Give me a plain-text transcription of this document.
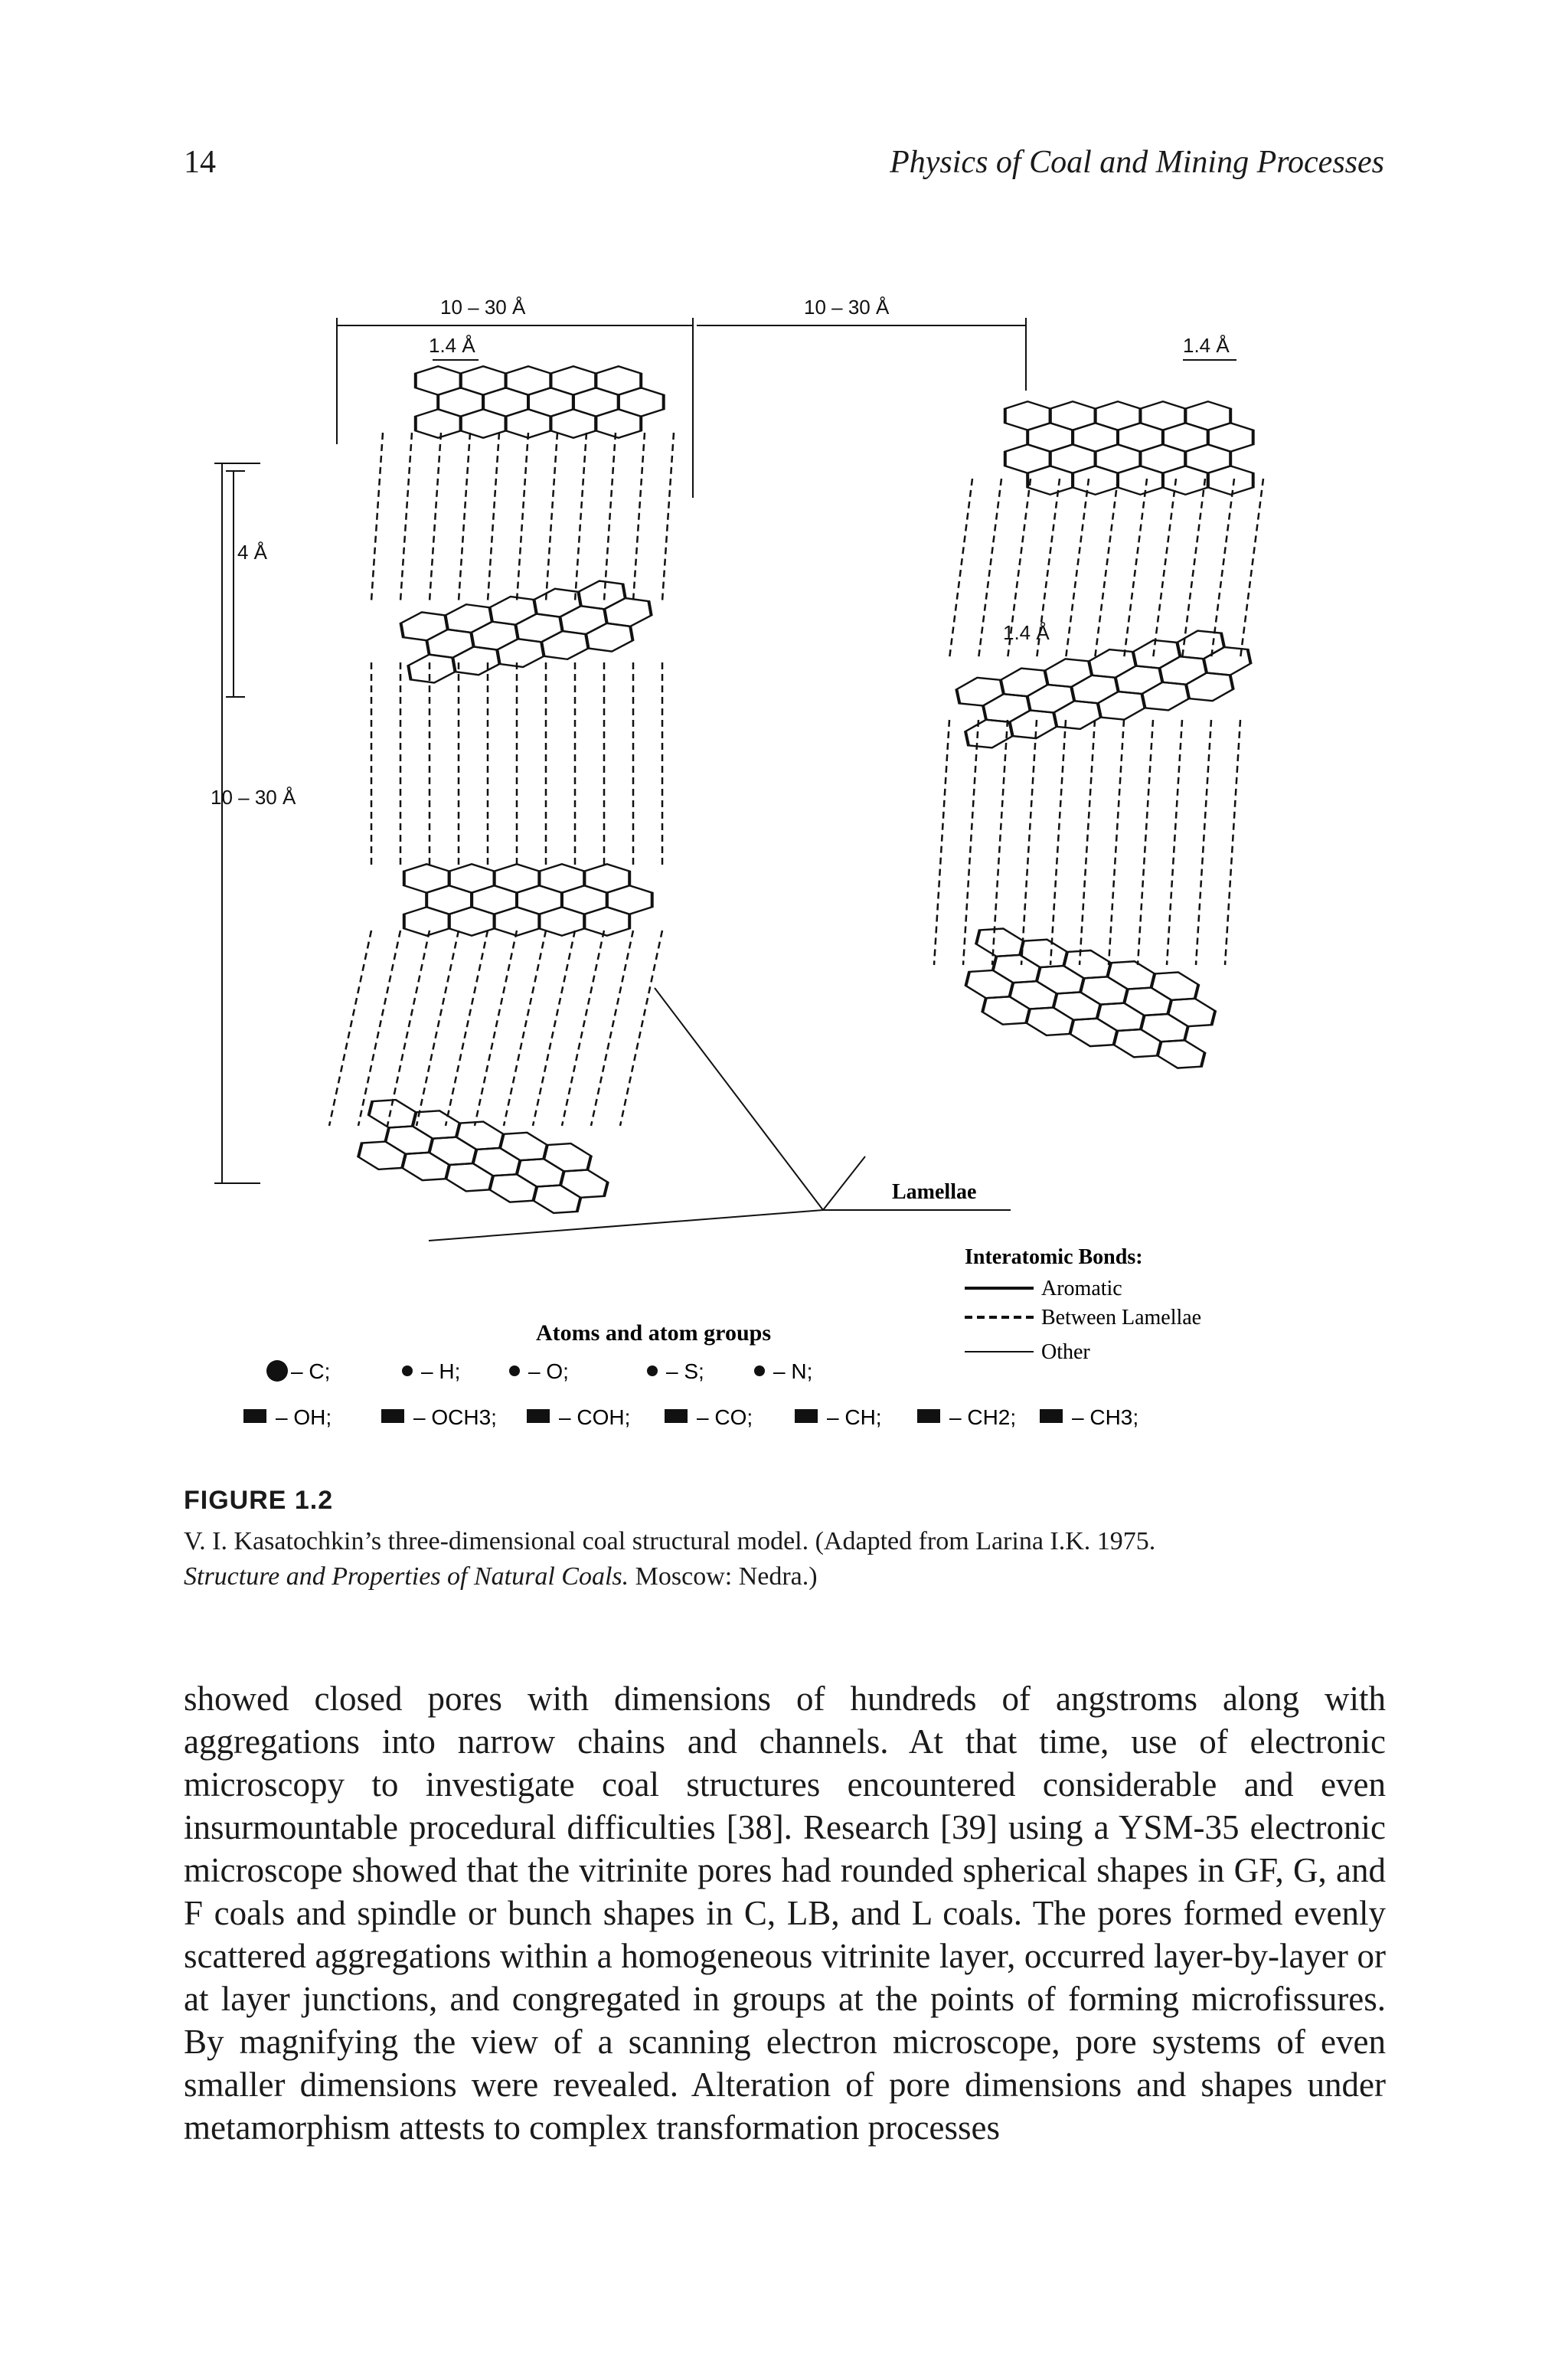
14	Physics of Coal and Mining Processes
10 – 30 Å	10 – 30 Å
1.4 Å	1.4 Å
1.4 Å
4 Å
10 – 30 Å
Lamellae
Interatomic Bonds:
Aromatic
Between Lamellae
Other
Atoms and atom groups
– C;	– H;	– O;	– S;	– N;
– OH;	– OCH3;	– COH;	– CO;	– CH;	– CH2;	– CH3;
FIGURE 1.2
V. I. Kasatochkin’s three-dimensional coal structural model. (Adapted from Larina I.K. 1975.
Structure and Properties of Natural Coals. Moscow: Nedra.)
showed closed pores with dimensions of hundreds of angstroms along with aggregations into narrow chains and channels. At that time, use of electronic microscopy to investigate coal structures encountered considerable and even insurmountable procedural difficulties [38]. Research [39] using a YSM-35 electronic microscope showed that the vitrinite pores had rounded spherical shapes in GF, G, and F coals and spindle or bunch shapes in C, LB, and L coals. The pores formed evenly scattered aggregations within a homogeneous vitrinite layer, occurred layer-by-layer or at layer junctions, and congregated in groups at the points of forming microfissures. By magnifying the view of a scanning electron microscope, pore systems of even smaller dimensions were revealed. Alteration of pore dimensions and shapes under metamorphism attests to complex transformation processes
